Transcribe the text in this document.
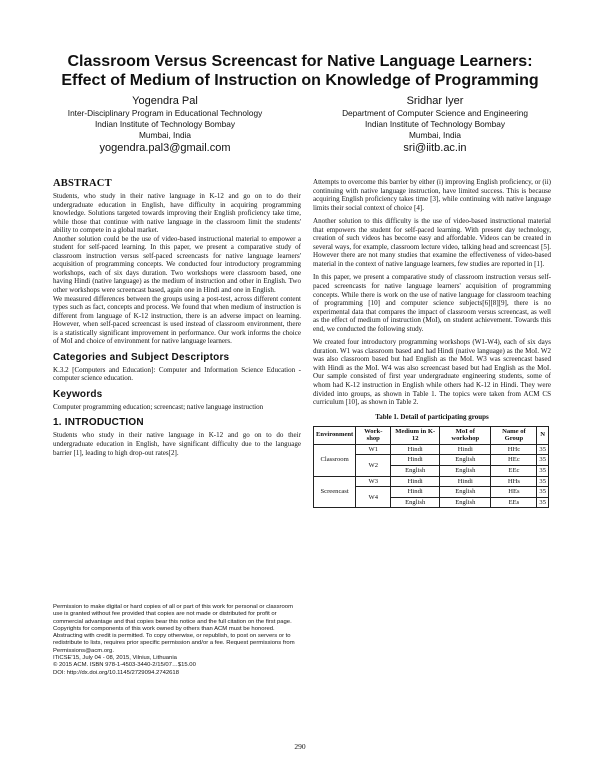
Classroom Versus Screencast for Native Language Learners:
Effect of Medium of Instruction on Knowledge of Programming
Yogendra Pal
Inter-Disciplinary Program in Educational Technology
Indian Institute of Technology Bombay
Mumbai, India
yogendra.pal3@gmail.com
Sridhar Iyer
Department of Computer Science and Engineering
Indian Institute of Technology Bombay
Mumbai, India
sri@iitb.ac.in
ABSTRACT

Students, who study in their native language in K-12 and go on to do their undergraduate education in English, have difficulty in acquiring programming knowledge. Solutions targeted towards improving their English proficiency take time, while those that continue with native language in the classroom limit the students' ability to compete in a global market.

Another solution could be the use of video-based instructional material to empower a student for self-paced learning. In this paper, we present a comparative study of classroom instruction versus self-paced screencasts for native language learners' acquisition of programming concepts. We conducted four introductory programming workshops, each of six days duration. Two workshops were classroom based, one having Hindi (native language) as the medium of instruction and other in English. Two other workshops were screencast based, again one in Hindi and one in English.

We measured differences between the groups using a post-test, across different content types such as fact, concepts and process. We found that when medium of instruction is different from language of K-12 instruction, there is an adverse impact on learning. However, when self-paced screencast is used instead of classroom environment, there is a statistically significant improvement in performance. Our work informs the choice of MoI and choice of environment for native language learners.

Categories and Subject Descriptors

K.3.2 [Computers and Education]: Computer and Information Science Education - computer science education.

Keywords

Computer programming education; screencast; native language instruction

1. INTRODUCTION

Students who study in their native language in K-12 and go on to do their undergraduate education in English, have significant difficulty due to the language barrier [1], leading to high drop-out rates[2].

Permission to make digital or hard copies of all or part of this work for personal or classroom use is granted without fee provided that copies are not made or distributed for profit or commercial advantage and that copies bear this notice and the full citation on the first page. Copyrights for components of this work owned by others than ACM must be honored. Abstracting with credit is permitted. To copy otherwise, or republish, to post on servers or to redistribute to lists, requires prior specific permission and/or a fee. Request permissions from Permissions@acm.org.

ITiCSE'15, July 04 - 08, 2015, Vilnius, Lithuania

© 2015 ACM. ISBN 978-1-4503-3440-2/15/07…$15.00

DOI: http://dx.doi.org/10.1145/2729094.2742618

Attempts to overcome this barrier by either (i) improving English proficiency, or (ii) continuing with native language instruction, have limited success. This is because acquiring English proficiency takes time [3], while continuing with native language limits their social context of choice [4].

Another solution to this difficulty is the use of video-based instructional material that empowers the student for self-paced learning. With present day technology, creation of such videos has become easy and affordable. Videos can be created in several ways, for example, classroom lecture video, talking head and screencast [5]. However there are not many studies that examine the effectiveness of video-based material in the context of native language learners, few studies are reported in [1].

In this paper, we present a comparative study of classroom instruction versus self-paced screencasts for native language learners' acquisition of programming concepts. While there is work on the use of native language for classroom teaching of programming [10] and computer science subjects[6][8][9], there is no experimental data that compares the impact of classroom versus screencast, as well as the effect of medium of instruction (MoI), on student achievement. Towards this end, we conducted the following study.

We created four introductory programming workshops (W1-W4), each of six days duration. W1 was classroom based and had Hindi (native language) as the MoI. W2 was also classroom based but had English as the MoI. W3 was screencast based with Hindi as the MoI. W4 was also screencast based but had English as the MoI. Our sample consisted of first year undergraduate engineering students, some of whom had K-12 instruction in English while others had K-12 in Hindi. They were divided into groups, as shown in Table 1. The topics were taken from ACM CS curriculum [10], as shown in Table 2.

Table 1. Detail of participating groups
Environment	Work-shop	Medium in K-12	MoI of workshop	Name of Group	N
Classroom	W1	Hindi	Hindi	HHc	35
	W2	Hindi	English	HEc	35
		English	English	EEc	35
Screencast	W3	Hindi	Hindi	HHs	35
	W4	Hindi	English	HEs	35
		English	English	EEs	35
290
